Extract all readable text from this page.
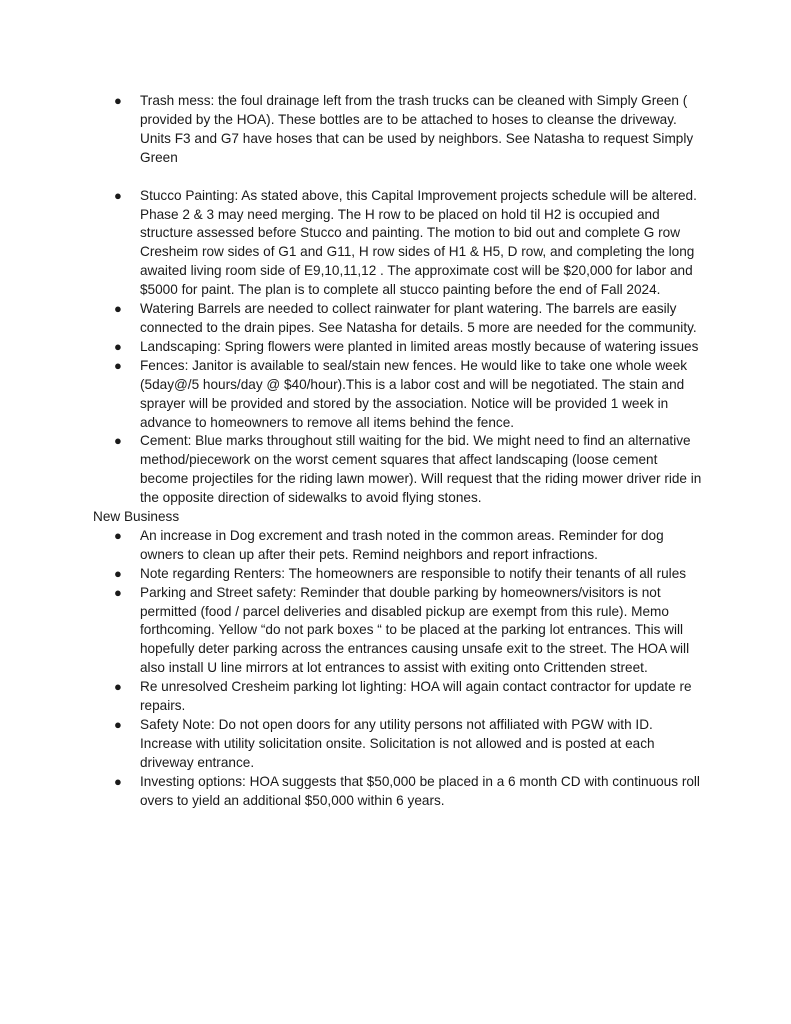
● Trash mess: the foul drainage left from the trash trucks can be cleaned with Simply Green ( provided by the HOA). These bottles are to be attached to hoses to cleanse the driveway. Units F3 and G7 have hoses that can be used by neighbors. See Natasha to request Simply Green
● Stucco Painting: As stated above, this Capital Improvement projects schedule will be altered. Phase 2 & 3 may need merging. The H row to be placed on hold til H2 is occupied and structure assessed before Stucco and painting. The motion to bid out and complete G row Cresheim row sides of G1 and G11, H row sides of H1 & H5, D row, and completing the long awaited living room side of E9,10,11,12 . The approximate cost will be $20,000 for labor and $5000 for paint. The plan is to complete all stucco painting before the end of Fall 2024.
● Watering Barrels are needed to collect rainwater for plant watering. The barrels are easily connected to the drain pipes. See Natasha for details. 5 more are needed for the community.
● Landscaping: Spring flowers were planted in limited areas mostly because of watering issues
● Fences: Janitor is available to seal/stain new fences. He would like to take one whole week (5day@/5 hours/day @ $40/hour).This is a labor cost and will be negotiated. The stain and sprayer will be provided and stored by the association. Notice will be provided 1 week in advance to homeowners to remove all items behind the fence.
● Cement: Blue marks throughout still waiting for the bid. We might need to find an alternative method/piecework on the worst cement squares that affect landscaping (loose cement become projectiles for the riding lawn mower). Will request that the riding mower driver ride in the opposite direction of sidewalks to avoid flying stones.
New Business
● An increase in Dog excrement and trash noted in the common areas. Reminder for dog owners to clean up after their pets. Remind neighbors and report infractions.
● Note regarding Renters: The homeowners are responsible to notify their tenants of all rules
● Parking and Street safety: Reminder that double parking by homeowners/visitors is not permitted (food / parcel deliveries and disabled pickup are exempt from this rule). Memo forthcoming. Yellow “do not park boxes “ to be placed at the parking lot entrances. This will hopefully deter parking across the entrances causing unsafe exit to the street. The HOA will also install U line mirrors at lot entrances to assist with exiting onto Crittenden street.
● Re unresolved Cresheim parking lot lighting: HOA will again contact contractor for update re repairs.
● Safety Note: Do not open doors for any utility persons not affiliated with PGW with ID. Increase with utility solicitation onsite. Solicitation is not allowed and is posted at each driveway entrance.
● Investing options: HOA suggests that $50,000 be placed in a 6 month CD with continuous roll overs to yield an additional $50,000 within 6 years.
